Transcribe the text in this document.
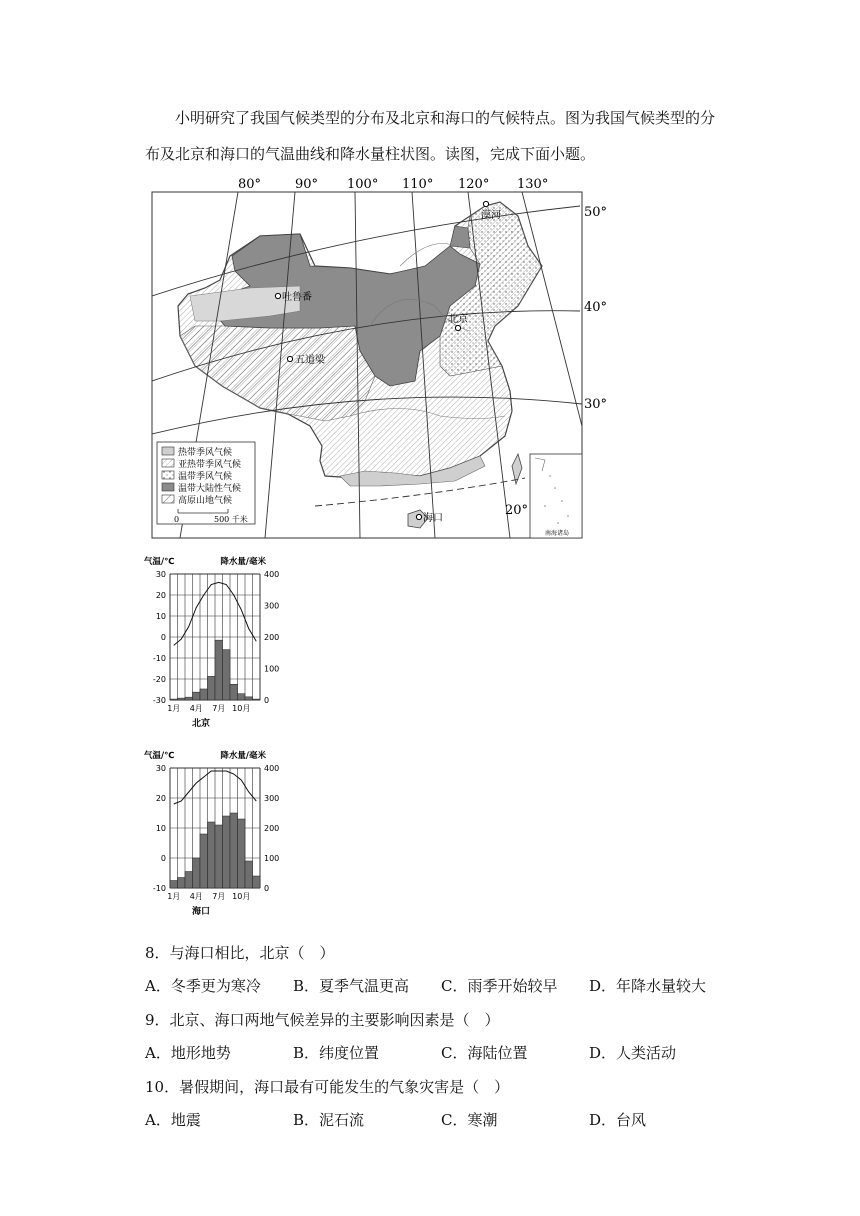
小明研究了我国气候类型的分布及北京和海口的气候特点。图为我国气候类型的分布及北京和海口的气温曲线和降水量柱状图。读图，完成下面小题。

80°	90° 100° 110° 120° 130°
50°
40°
30°
20°
漠河
吐鲁番
北京
五道梁
海口
热带季风气候
亚热带季风气候
温带季风气候
温带大陆性气候
高原山地气候
0	500 千米
南海诸岛
气温/℃	降水量/毫米
30
20
10
0
-10
-20
-30
400
300
200
100
0
1月 4月 7月 10月
北京
气温/℃	降水量/毫米
30
20
10
0
-10
400
300
200
100
0
1月 4月 7月 10月
海口

8．与海口相比，北京（　）

A．冬季更为寒冷	B．夏季气温更高	C．雨季开始较早	D．年降水量较大

9．北京、海口两地气候差异的主要影响因素是（　）

A．地形地势	B．纬度位置	C．海陆位置	D．人类活动

10．暑假期间，海口最有可能发生的气象灾害是（　）

A．地震	B．泥石流	C．寒潮	D．台风
